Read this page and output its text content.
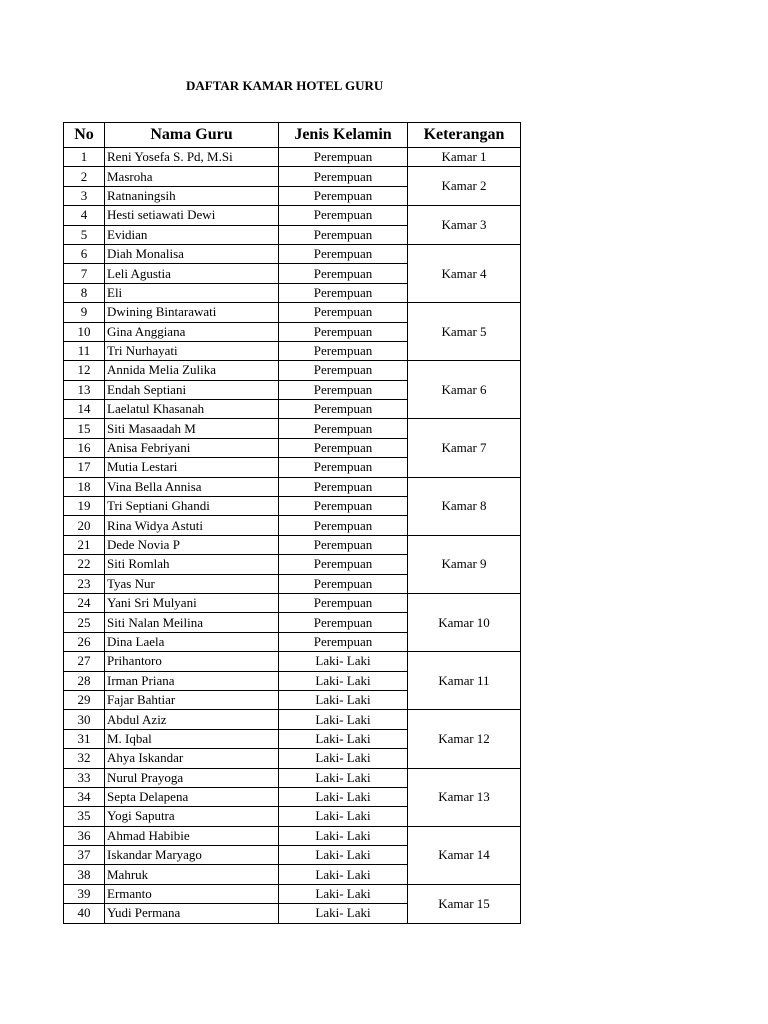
DAFTAR KAMAR HOTEL GURU
No	Nama Guru	Jenis Kelamin	Keterangan
1	Reni Yosefa S. Pd, M.Si	Perempuan	Kamar 1
2	Masroha	Perempuan	Kamar 2
3	Ratnaningsih	Perempuan	
4	Hesti setiawati Dewi	Perempuan	Kamar 3
5	Evidian	Perempuan	
6	Diah Monalisa	Perempuan	Kamar 4
7	Leli Agustia	Perempuan	
8	Eli	Perempuan	
9	Dwining Bintarawati	Perempuan	Kamar 5
10	Gina Anggiana	Perempuan	
11	Tri Nurhayati	Perempuan	
12	Annida Melia Zulika	Perempuan	Kamar 6
13	Endah Septiani	Perempuan	
14	Laelatul Khasanah	Perempuan	
15	Siti Masaadah M	Perempuan	Kamar 7
16	Anisa Febriyani	Perempuan	
17	Mutia Lestari	Perempuan	
18	Vina Bella Annisa	Perempuan	Kamar 8
19	Tri Septiani Ghandi	Perempuan	
20	Rina Widya Astuti	Perempuan	
21	Dede Novia P	Perempuan	Kamar 9
22	Siti Romlah	Perempuan	
23	Tyas Nur	Perempuan	
24	Yani Sri Mulyani	Perempuan	Kamar 10
25	Siti Nalan Meilina	Perempuan	
26	Dina Laela	Perempuan	
27	Prihantoro	Laki- Laki	Kamar 11
28	Irman Priana	Laki- Laki	
29	Fajar Bahtiar	Laki- Laki	
30	Abdul Aziz	Laki- Laki	Kamar 12
31	M. Iqbal	Laki- Laki	
32	Ahya Iskandar	Laki- Laki	
33	Nurul Prayoga	Laki- Laki	Kamar 13
34	Septa Delapena	Laki- Laki	
35	Yogi Saputra	Laki- Laki	
36	Ahmad Habibie	Laki- Laki	Kamar 14
37	Iskandar Maryago	Laki- Laki	
38	Mahruk	Laki- Laki	
39	Ermanto	Laki- Laki	Kamar 15
40	Yudi Permana	Laki- Laki	
